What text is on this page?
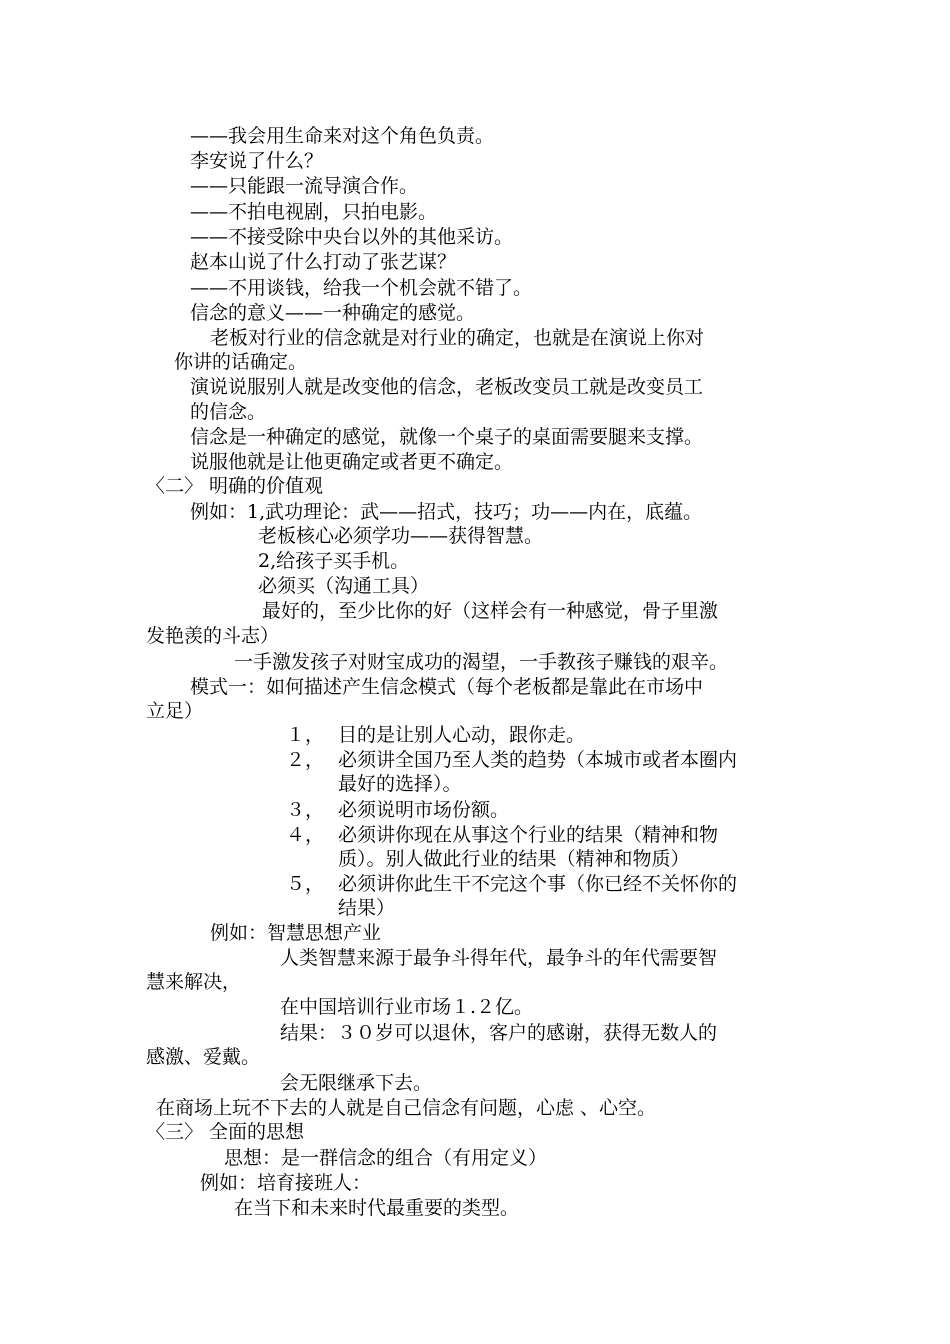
——我会用生命来对这个角色负责。
李安说了什么？
——只能跟一流导演合作。
——不拍电视剧，只拍电影。
——不接受除中央台以外的其他采访。
赵本山说了什么打动了张艺谋？
——不用谈钱，给我一个机会就不错了。
信念的意义——一种确定的感觉。
老板对行业的信念就是对行业的确定，也就是在演说上你对
你讲的话确定。
演说说服别人就是改变他的信念，老板改变员工就是改变员工
的信念。
信念是一种确定的感觉，就像一个桌子的桌面需要腿来支撑。
说服他就是让他更确定或者更不确定。
〈二〉 明确的价值观
例如：1,武功理论：武——招式，技巧；功——内在，底蕴。
老板核心必须学功——获得智慧。
2,给孩子买手机。
必须买（沟通工具）
最好的，至少比你的好（这样会有一种感觉，骨子里激
发艳羡的斗志）
一手激发孩子对财宝成功的渴望，一手教孩子赚钱的艰辛。
模式一：如何描述产生信念模式（每个老板都是靠此在市场中
立足）
１， 目的是让别人心动，跟你走。
２， 必须讲全国乃至人类的趋势（本城市或者本圈内
最好的选择）。
３， 必须说明市场份额。
４， 必须讲你现在从事这个行业的结果（精神和物
质）。别人做此行业的结果（精神和物质）
５， 必须讲你此生干不完这个事（你已经不关怀你的
结果）
例如：智慧思想产业
人类智慧来源于最争斗得年代，最争斗的年代需要智
慧来解决，
在中国培训行业市场１.２亿。
结果：３０岁可以退休，客户的感谢，获得无数人的
感激、爱戴。
会无限继承下去。
在商场上玩不下去的人就是自己信念有问题，心虑 、心空。
〈三〉 全面的思想
思想：是一群信念的组合（有用定义）
例如：培育接班人：
在当下和未来时代最重要的类型。
